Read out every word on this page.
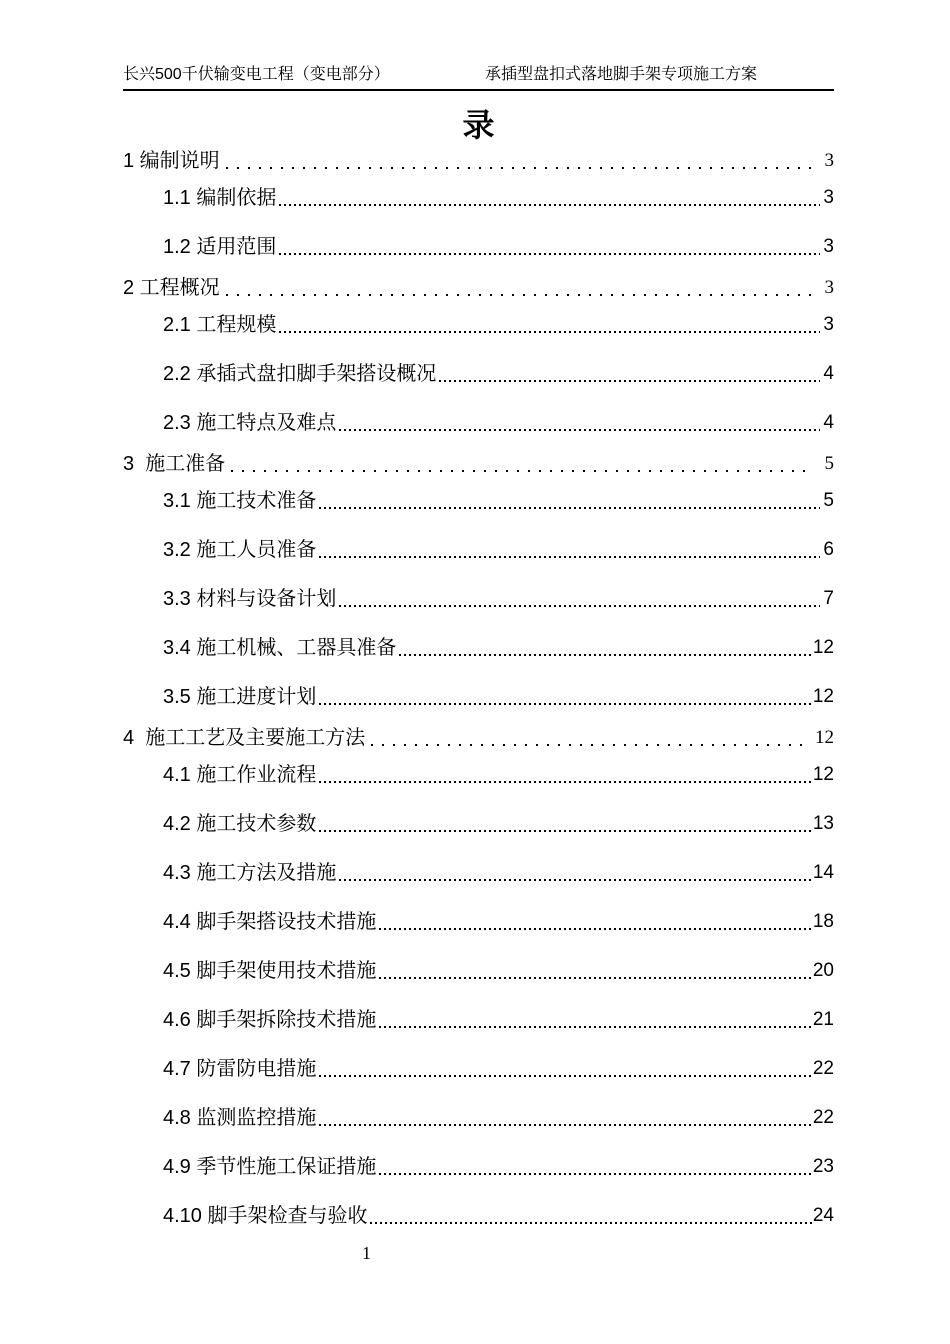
长兴500千伏输变电工程（变电部分）	承插型盘扣式落地脚手架专项施工方案
录
1 编制说明	3
1.1 编制依据	3
1.2 适用范围	3
2 工程概况	3
2.1 工程规模	3
2.2 承插式盘扣脚手架搭设概况	4
2.3 施工特点及难点	4
3  施工准备	5
3.1 施工技术准备	5
3.2 施工人员准备	6
3.3 材料与设备计划	7
3.4 施工机械、工器具准备	12
3.5 施工进度计划	12
4  施工工艺及主要施工方法	12
4.1 施工作业流程	12
4.2 施工技术参数	13
4.3 施工方法及措施	14
4.4 脚手架搭设技术措施	18
4.5 脚手架使用技术措施	20
4.6 脚手架拆除技术措施	21
4.7 防雷防电措施	22
4.8 监测监控措施	22
4.9 季节性施工保证措施	23
4.10 脚手架检查与验收	24
1
